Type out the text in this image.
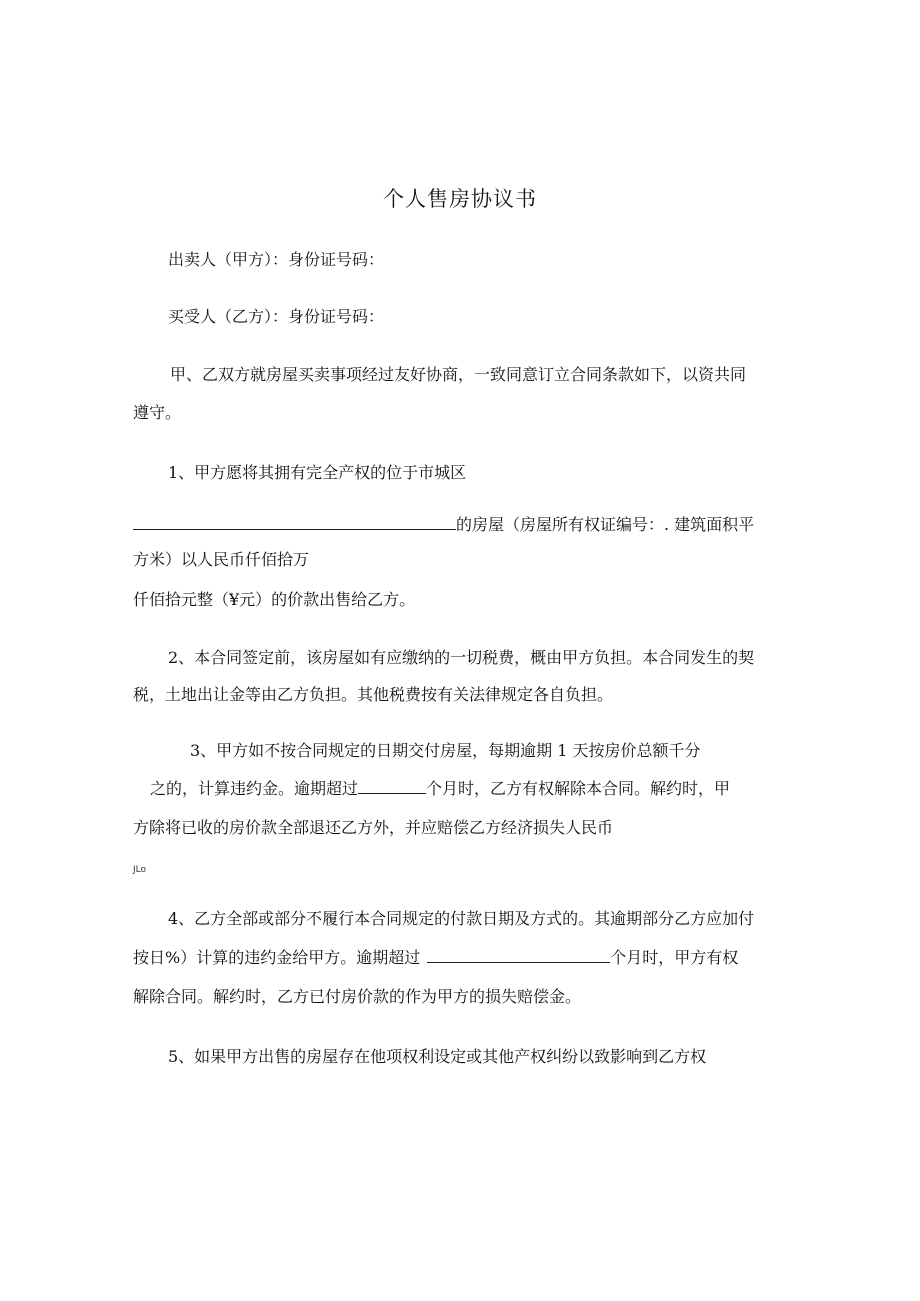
个人售房协议书
出卖人（甲方）：身份证号码：
买受人（乙方）：身份证号码：
甲、乙双方就房屋买卖事项经过友好协商，一致同意订立合同条款如下，以资共同
遵守。
1、甲方愿将其拥有完全产权的位于市城区
的房屋（房屋所有权证编号：. 建筑面积平
方米）以人民币仟佰拾万
仟佰拾元整（¥元）的价款出售给乙方。
2、本合同签定前，该房屋如有应缴纳的一切税费，概由甲方负担。本合同发生的契
税，土地出让金等由乙方负担。其他税费按有关法律规定各自负担。
3、甲方如不按合同规定的日期交付房屋，每期逾期 1 天按房价总额千分
之的，计算违约金。逾期超过	个月时，乙方有权解除本合同。解约时，甲
方除将已收的房价款全部退还乙方外，并应赔偿乙方经济损失人民币
JLo
4、乙方全部或部分不履行本合同规定的付款日期及方式的。其逾期部分乙方应加付
按日%）计算的违约金给甲方。逾期超过	个月时，甲方有权
解除合同。解约时，乙方已付房价款的作为甲方的损失赔偿金。
5、如果甲方出售的房屋存在他项权利设定或其他产权纠纷以致影响到乙方权
